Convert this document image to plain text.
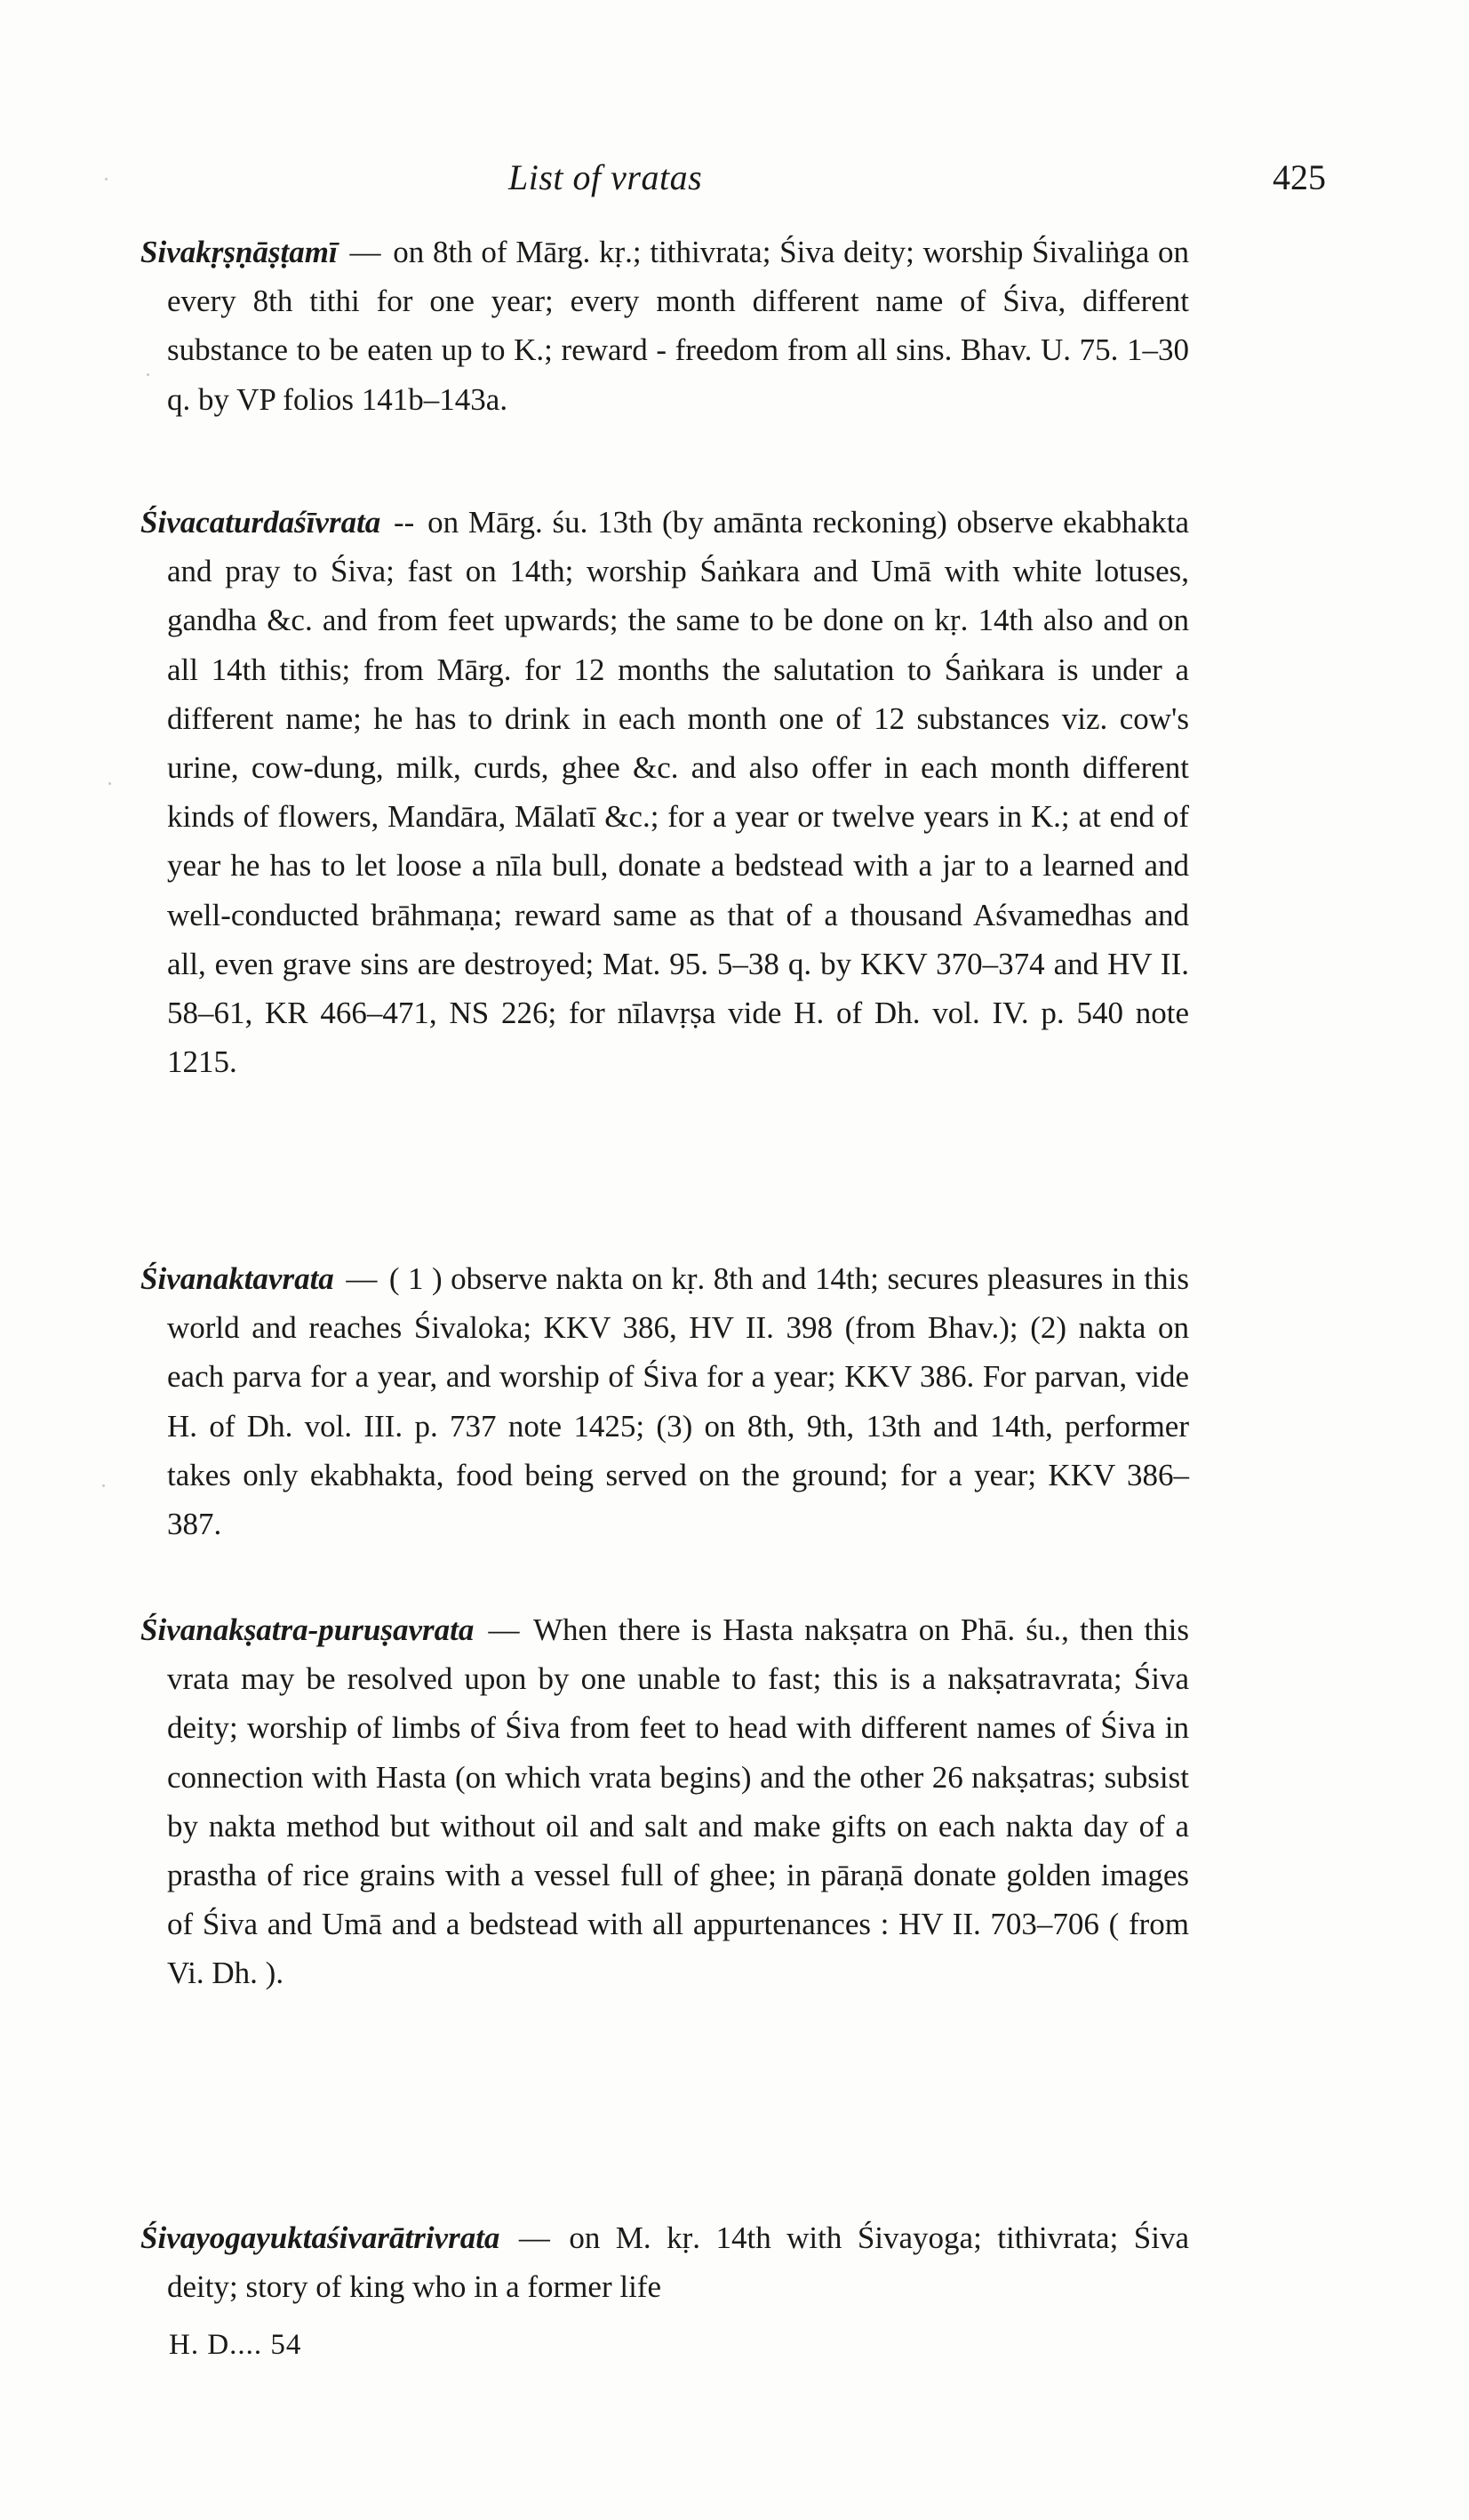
List of vratas	425

Sivakṛṣṇāṣṭamī — on 8th of Mārg. kṛ.; tithivrata; Śiva deity; worship Śivaliṅga on every 8th tithi for one year; every month different name of Śiva, different substance to be eaten up to K.; reward - freedom from all sins. Bhav. U. 75. 1–30 q. by VP folios 141b–143a.

Śivacaturdaśīvrata -- on Mārg. śu. 13th (by amānta reckoning) observe ekabhakta and pray to Śiva; fast on 14th; worship Śaṅkara and Umā with white lotuses, gandha &c. and from feet upwards; the same to be done on kṛ. 14th also and on all 14th tithis; from Mārg. for 12 months the salutation to Śaṅkara is under a different name; he has to drink in each month one of 12 substances viz. cow's urine, cow-dung, milk, curds, ghee &c. and also offer in each month different kinds of flowers, Mandāra, Mālatī &c.; for a year or twelve years in K.; at end of year he has to let loose a nīla bull, donate a bedstead with a jar to a learned and well-conducted brāhmaṇa; reward same as that of a thousand Aśvamedhas and all, even grave sins are destroyed; Mat. 95. 5–38 q. by KKV 370–374 and HV II. 58–61, KR 466–471, NS 226; for nīlavṛṣa vide H. of Dh. vol. IV. p. 540 note 1215.

Śivanaktavrata — ( 1 ) observe nakta on kṛ. 8th and 14th; secures pleasures in this world and reaches Śivaloka; KKV 386, HV II. 398 (from Bhav.); (2) nakta on each parva for a year, and worship of Śiva for a year; KKV 386. For parvan, vide H. of Dh. vol. III. p. 737 note 1425; (3) on 8th, 9th, 13th and 14th, performer takes only ekabhakta, food being served on the ground; for a year; KKV 386–387.

Śivanakṣatra-puruṣavrata — When there is Hasta nakṣatra on Phā. śu., then this vrata may be resolved upon by one unable to fast; this is a nakṣatravrata; Śiva deity; worship of limbs of Śiva from feet to head with different names of Śiva in connection with Hasta (on which vrata begins) and the other 26 nakṣatras; subsist by nakta method but without oil and salt and make gifts on each nakta day of a prastha of rice grains with a vessel full of ghee; in pāraṇā donate golden images of Śiva and Umā and a bedstead with all appurtenances : HV II. 703–706 ( from Vi. Dh. ).

Śivayogayuktaśivarātrivrata — on M. kṛ. 14th with Śivayoga; tithivrata; Śiva deity; story of king who in a former life

H. D.... 54
